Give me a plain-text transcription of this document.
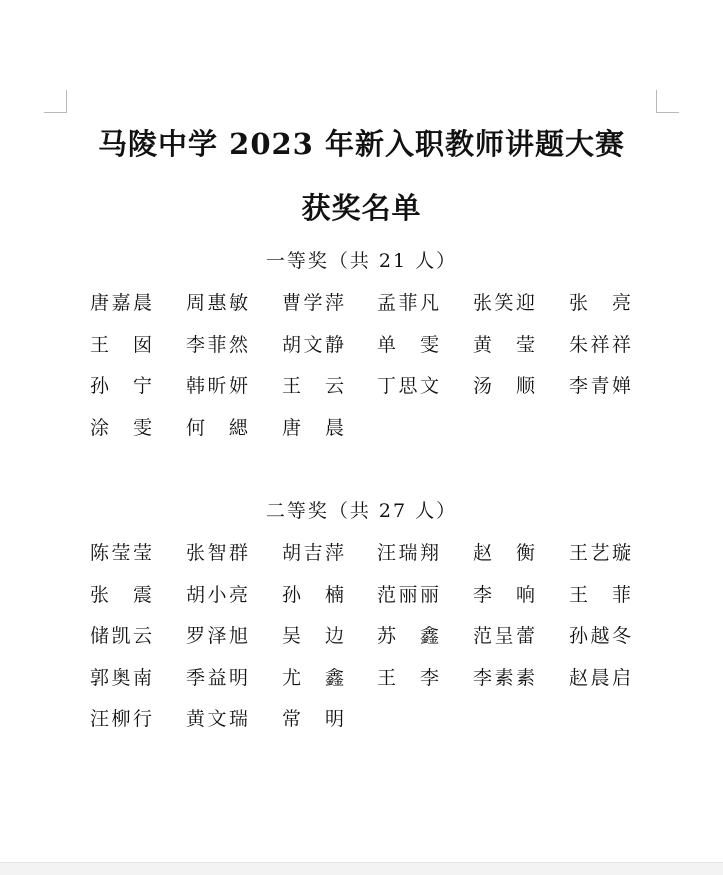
马陵中学 2023 年新入职教师讲题大赛
获奖名单
一等奖（共 21 人）
唐嘉晨 周惠敏 曹学萍 孟菲凡 张笑迎 张　亮
王　囡 李菲然 胡文静 单　雯 黄　莹 朱祥祥
孙　宁 韩昕妍 王　云 丁思文 汤　顺 李青婵
涂　雯 何　緦 唐　晨
二等奖（共 27 人）
陈莹莹 张智群 胡吉萍 汪瑞翔 赵　衡 王艺璇
张　震 胡小亮 孙　楠 范丽丽 李　响 王　菲
储凯云 罗泽旭 吴　边 苏　鑫 范呈蕾 孙越冬
郭奥南 季益明 尤　鑫 王　李 李素素 赵晨启
汪柳行 黄文瑞 常　明
